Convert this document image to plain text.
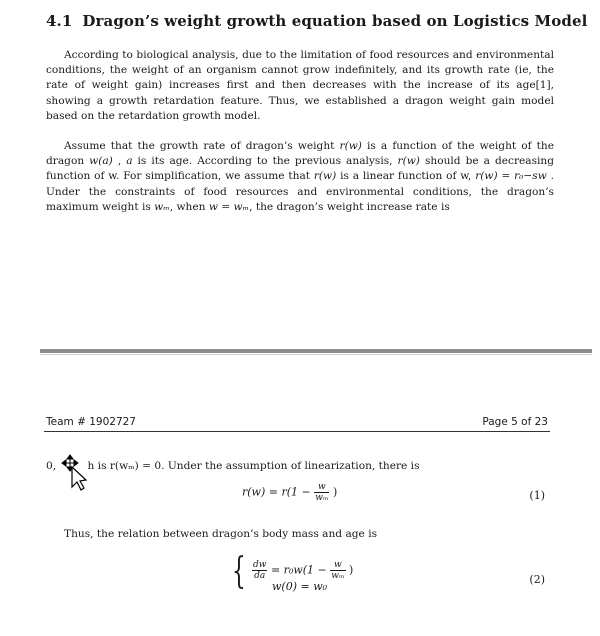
4.1 Dragon’s weight growth equation based on Logistics Model

According to biological analysis, due to the limitation of food resources and environmental conditions, the weight of an organism cannot grow indefinitely, and its growth rate (ie, the rate of weight gain) increases first and then decreases with the increase of its age[1], showing a growth retardation feature. Thus, we established a dragon weight gain model based on the retardation growth model.

Assume that the growth rate of dragon’s weight r(w) is a function of the weight of the dragon w(a) , a is its age. According to the previous analysis, r(w) should be a decreasing function of w. For simplification, we assume that r(w) is a linear function of w, r(w) = r₀−sw . Under the constraints of food resources and environmental conditions, the dragon’s maximum weight is wₘ, when w = wₘ, the dragon’s weight increase rate is

Team # 1902727	Page 5 of 23
0,	h is r(wₘ) = 0. Under the assumption of linearization, there is
$r(w) = r(1 - \frac{w}{\text{wₘ}}$ )	(1)
Thus, the relation between dragon’s body mass and age is
{ $\frac{dw}{da} = r_0w(1 - \frac{w}{\text{wₘ}}$ )
w(0) = w₀
(2)
